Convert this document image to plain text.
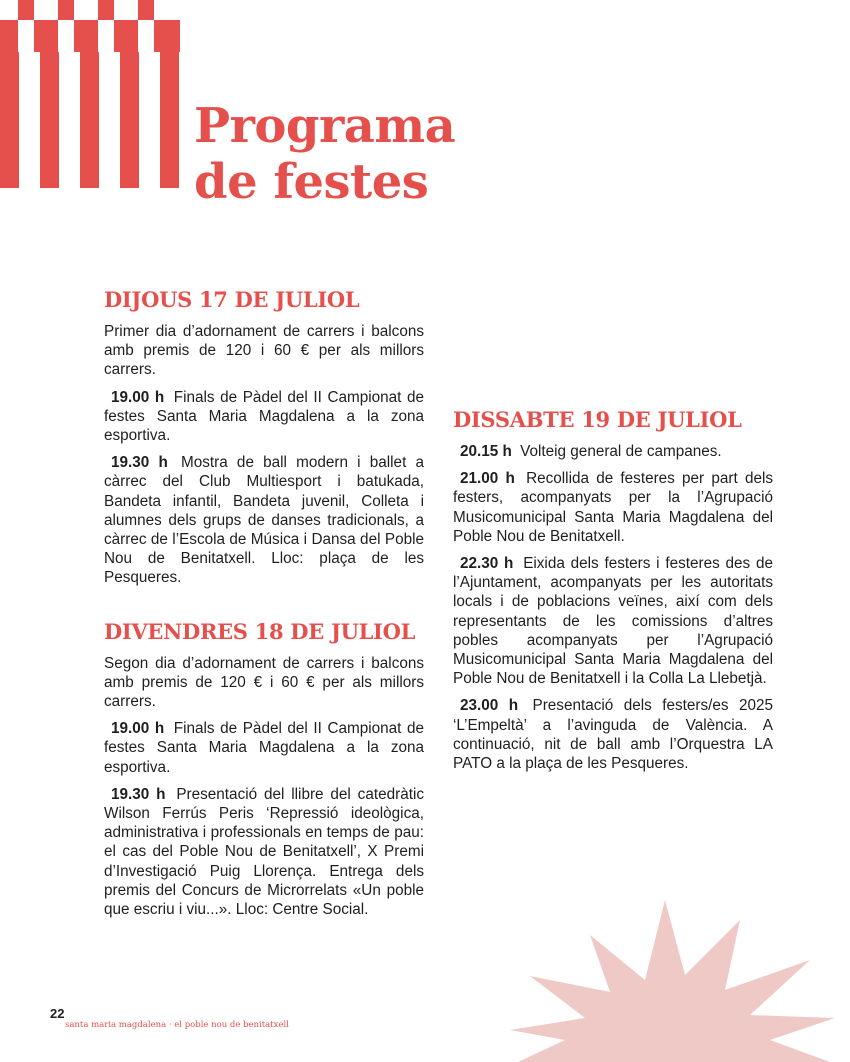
Programa
de festes
DIJOUS 17 DE JULIOL

Primer dia d’adornament de carrers i balcons amb premis de 120 i 60 € per als millors carrers.

19.00 h Finals de Pàdel del II Campionat de festes Santa Maria Magdalena a la zona esportiva.

19.30 h Mostra de ball modern i ballet a càrrec del Club Multiesport i batukada, Bandeta infantil, Bandeta juvenil, Colleta i alumnes dels grups de danses tradicionals, a càrrec de l’Escola de Música i Dansa del Poble Nou de Benitatxell. Lloc: plaça de les Pesqueres.

DIVENDRES 18 DE JULIOL

Segon dia d’adornament de carrers i balcons amb premis de 120 € i 60 € per als millors carrers.

19.00 h Finals de Pàdel del II Campionat de festes Santa Maria Magdalena a la zona esportiva.

19.30 h Presentació del llibre del catedràtic Wilson Ferrús Peris ‘Repressió ideològica, administrativa i professionals en temps de pau: el cas del Poble Nou de Benitatxell’, X Premi d’Investigació Puig Llorença. Entrega dels premis del Concurs de Microrrelats «Un poble que escriu i viu...». Lloc: Centre Social.

DISSABTE 19 DE JULIOL

20.15 h Volteig general de campanes.

21.00 h Recollida de festeres per part dels festers, acompanyats per la l’Agrupació Musicomunicipal Santa Maria Magdalena del Poble Nou de Benitatxell.

22.30 h Eixida dels festers i festeres des de l’Ajuntament, acompanyats per les autoritats locals i de poblacions veïnes, així com dels representants de les comissions d’altres pobles acompanyats per l’Agrupació Musicomunicipal Santa Maria Magdalena del Poble Nou de Benitatxell i la Colla La Llebetjà.

23.00 h Presentació dels festers/es 2025 ‘L’Empeltà’ a l’avinguda de València. A continuació, nit de ball amb l’Orquestra LA PATO a la plaça de les Pesqueres.

22
santa maria magdalena · el poble nou de benitatxell
